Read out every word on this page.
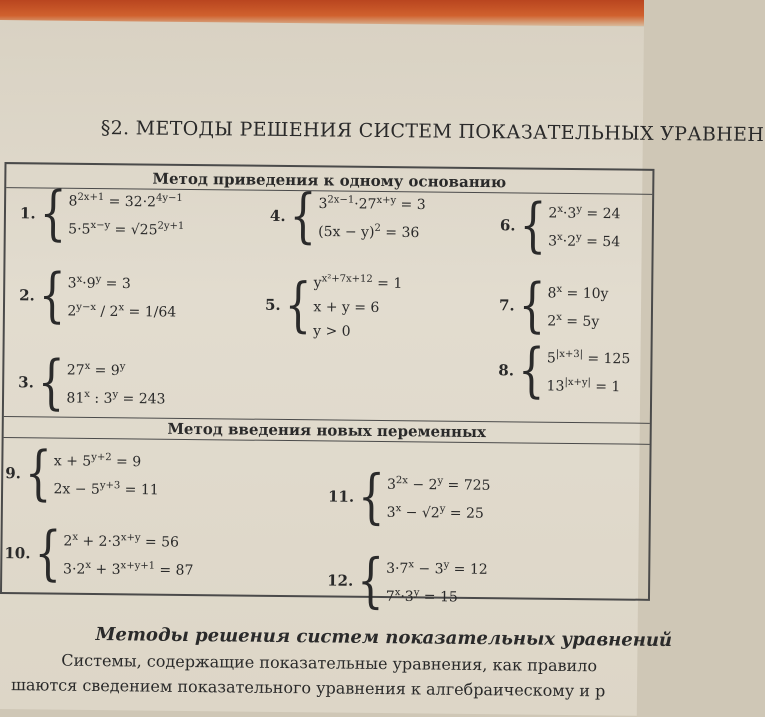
§2. МЕТОДЫ РЕШЕНИЯ СИСТЕМ ПОКАЗАТЕЛЬНЫХ УРАВНЕН
Метод приведения к одному основанию
Метод введения новых переменных
Методы решения систем показательных уравнений
Системы, содержащие показательные уравнения, как правило
шаются сведением показательного уравнения к алгебраическому и р
1. { $8^{2x+1} = 32\cdot 2^{4y-1}$
$5\cdot 5^{x-y} = √25^{2y+1}$
4. { $3^{2x-1}\cdot 27^{x+y} = 3$
$(5x - y)^2 = 36$	6. { $2^x\cdot 3^y = 24$
$3^x\cdot 2^y = 54$
2. { $3^x\cdot 9^y = 3$
$2^{y-x} / 2^x = 1/64$	5. { $y^{x^2+7x+12} = 1$
x + y = 6
y > 0
7. { $8^x = 10y$
$2^x = 5y$
3. { $27^x = 9^y$
81$^x$ : $3^y = 243$
8. { $5^{|x+3|} = 125$
$13^{|x+y|} = 1$
9. { $x + 5^{y+2} = 9$
$2x - 5^{y+3} = 11$	11. { $3^{2x} - 2^y = 725$
$3^x - √2^y = 25$
10. { $2^x + 2\cdot 3^{x+y} = 56$
$3\cdot 2^x + 3^{x+y+1} = 87$
12. { $3\cdot 7^x - 3^y = 12$
$7^x\cdot 3^y = 15$
